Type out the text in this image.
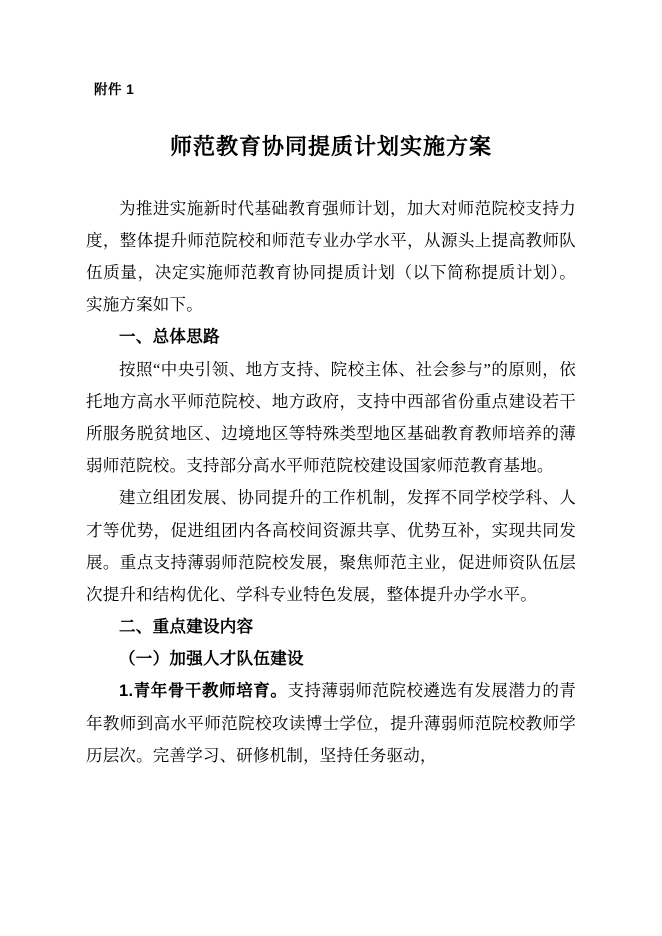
附件 1
师范教育协同提质计划实施方案

为推进实施新时代基础教育强师计划，加大对师范院校支持力度，整体提升师范院校和师范专业办学水平，从源头上提高教师队伍质量，决定实施师范教育协同提质计划（以下简称提质计划）。实施方案如下。

一、总体思路

按照“中央引领、地方支持、院校主体、社会参与”的原则，依托地方高水平师范院校、地方政府，支持中西部省份重点建设若干所服务脱贫地区、边境地区等特殊类型地区基础教育教师培养的薄弱师范院校。支持部分高水平师范院校建设国家师范教育基地。

建立组团发展、协同提升的工作机制，发挥不同学校学科、人才等优势，促进组团内各高校间资源共享、优势互补，实现共同发展。重点支持薄弱师范院校发展，聚焦师范主业，促进师资队伍层次提升和结构优化、学科专业特色发展，整体提升办学水平。

二、重点建设内容

（一）加强人才队伍建设

1.青年骨干教师培育。支持薄弱师范院校遴选有发展潜力的青年教师到高水平师范院校攻读博士学位，提升薄弱师范院校教师学历层次。完善学习、研修机制，坚持任务驱动，
